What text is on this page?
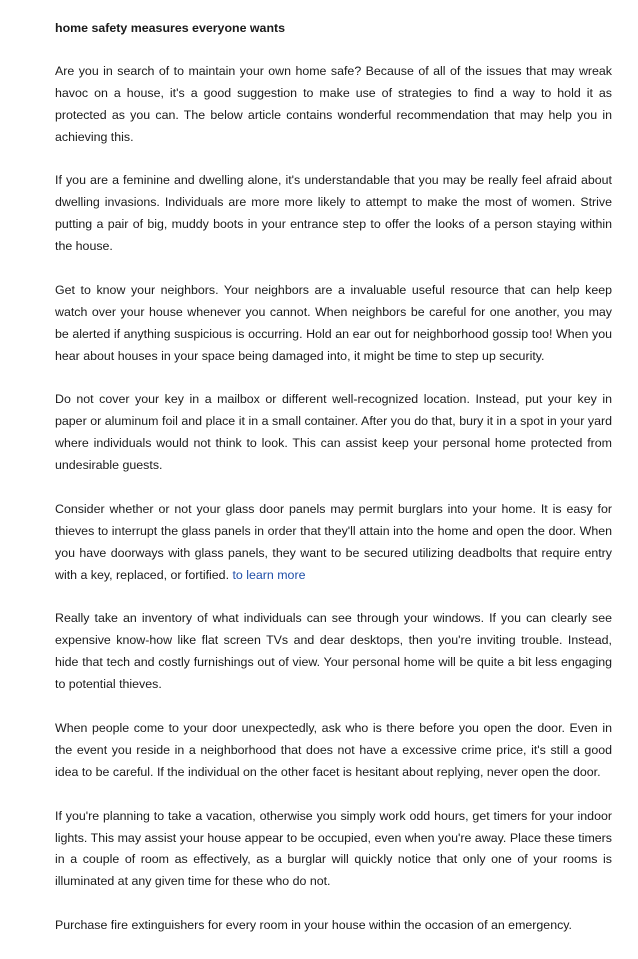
home safety measures everyone wants

Are you in search of to maintain your own home safe? Because of all of the issues that may wreak havoc on a house, it's a good suggestion to make use of strategies to find a way to hold it as protected as you can. The below article contains wonderful recommendation that may help you in achieving this.

If you are a feminine and dwelling alone, it's understandable that you may be really feel afraid about dwelling invasions. Individuals are more more likely to attempt to make the most of women. Strive putting a pair of big, muddy boots in your entrance step to offer the looks of a person staying within the house.

Get to know your neighbors. Your neighbors are a invaluable useful resource that can help keep watch over your house whenever you cannot. When neighbors be careful for one another, you may be alerted if anything suspicious is occurring. Hold an ear out for neighborhood gossip too! When you hear about houses in your space being damaged into, it might be time to step up security.

Do not cover your key in a mailbox or different well-recognized location. Instead, put your key in paper or aluminum foil and place it in a small container. After you do that, bury it in a spot in your yard where individuals would not think to look. This can assist keep your personal home protected from undesirable guests.

Consider whether or not your glass door panels may permit burglars into your home. It is easy for thieves to interrupt the glass panels in order that they'll attain into the home and open the door. When you have doorways with glass panels, they want to be secured utilizing deadbolts that require entry with a key, replaced, or fortified. to learn more

Really take an inventory of what individuals can see through your windows. If you can clearly see expensive know-how like flat screen TVs and dear desktops, then you're inviting trouble. Instead, hide that tech and costly furnishings out of view. Your personal home will be quite a bit less engaging to potential thieves.

When people come to your door unexpectedly, ask who is there before you open the door. Even in the event you reside in a neighborhood that does not have a excessive crime price, it's still a good idea to be careful. If the individual on the other facet is hesitant about replying, never open the door.

If you're planning to take a vacation, otherwise you simply work odd hours, get timers for your indoor lights. This may assist your house appear to be occupied, even when you're away. Place these timers in a couple of room as effectively, as a burglar will quickly notice that only one of your rooms is illuminated at any given time for these who do not.

Purchase fire extinguishers for every room in your house within the occasion of an emergency.
